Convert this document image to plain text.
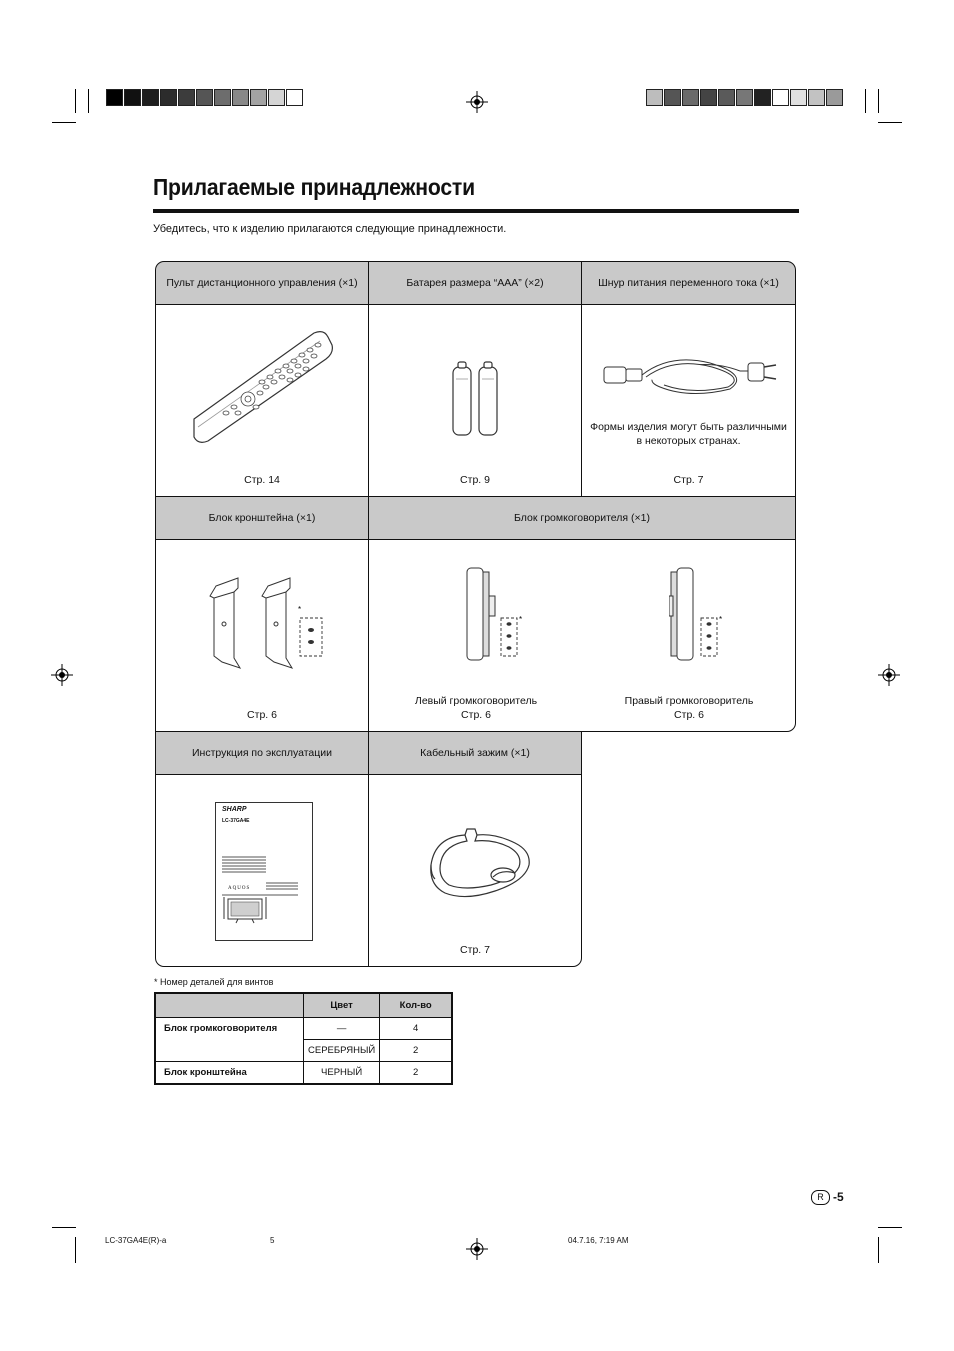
Прилагаемые принадлежности
Убедитесь, что к изделию прилагаются следующие принадлежности.
Пульт дистанционного управления (×1)	Батарея размера “AAA” (×2)	Шнур питания переменного тока (×1)
Стр. 14	Стр. 9
Формы изделия могут быть различными в некоторых странах.
Стр. 7
Блок кронштейна (×1)	Блок громкоговорителя (×1)
*
Стр. 6
*	*
Левый громкоговоритель
Стр. 6
Правый громкоговоритель
Стр. 6
Инструкция по эксплуатации	Кабельный зажим (×1)
SHARP
LC-37GA4E
AQUOS
Стр. 7
* Номер деталей для винтов
	Цвет	Кол-во
Блок громкоговорителя	—	4
	СЕРЕБРЯНЫЙ	2
Блок кронштейна	ЧЕРНЫЙ	2
R -5
LC-37GA4E(R)-a	5	04.7.16, 7:19 AM
